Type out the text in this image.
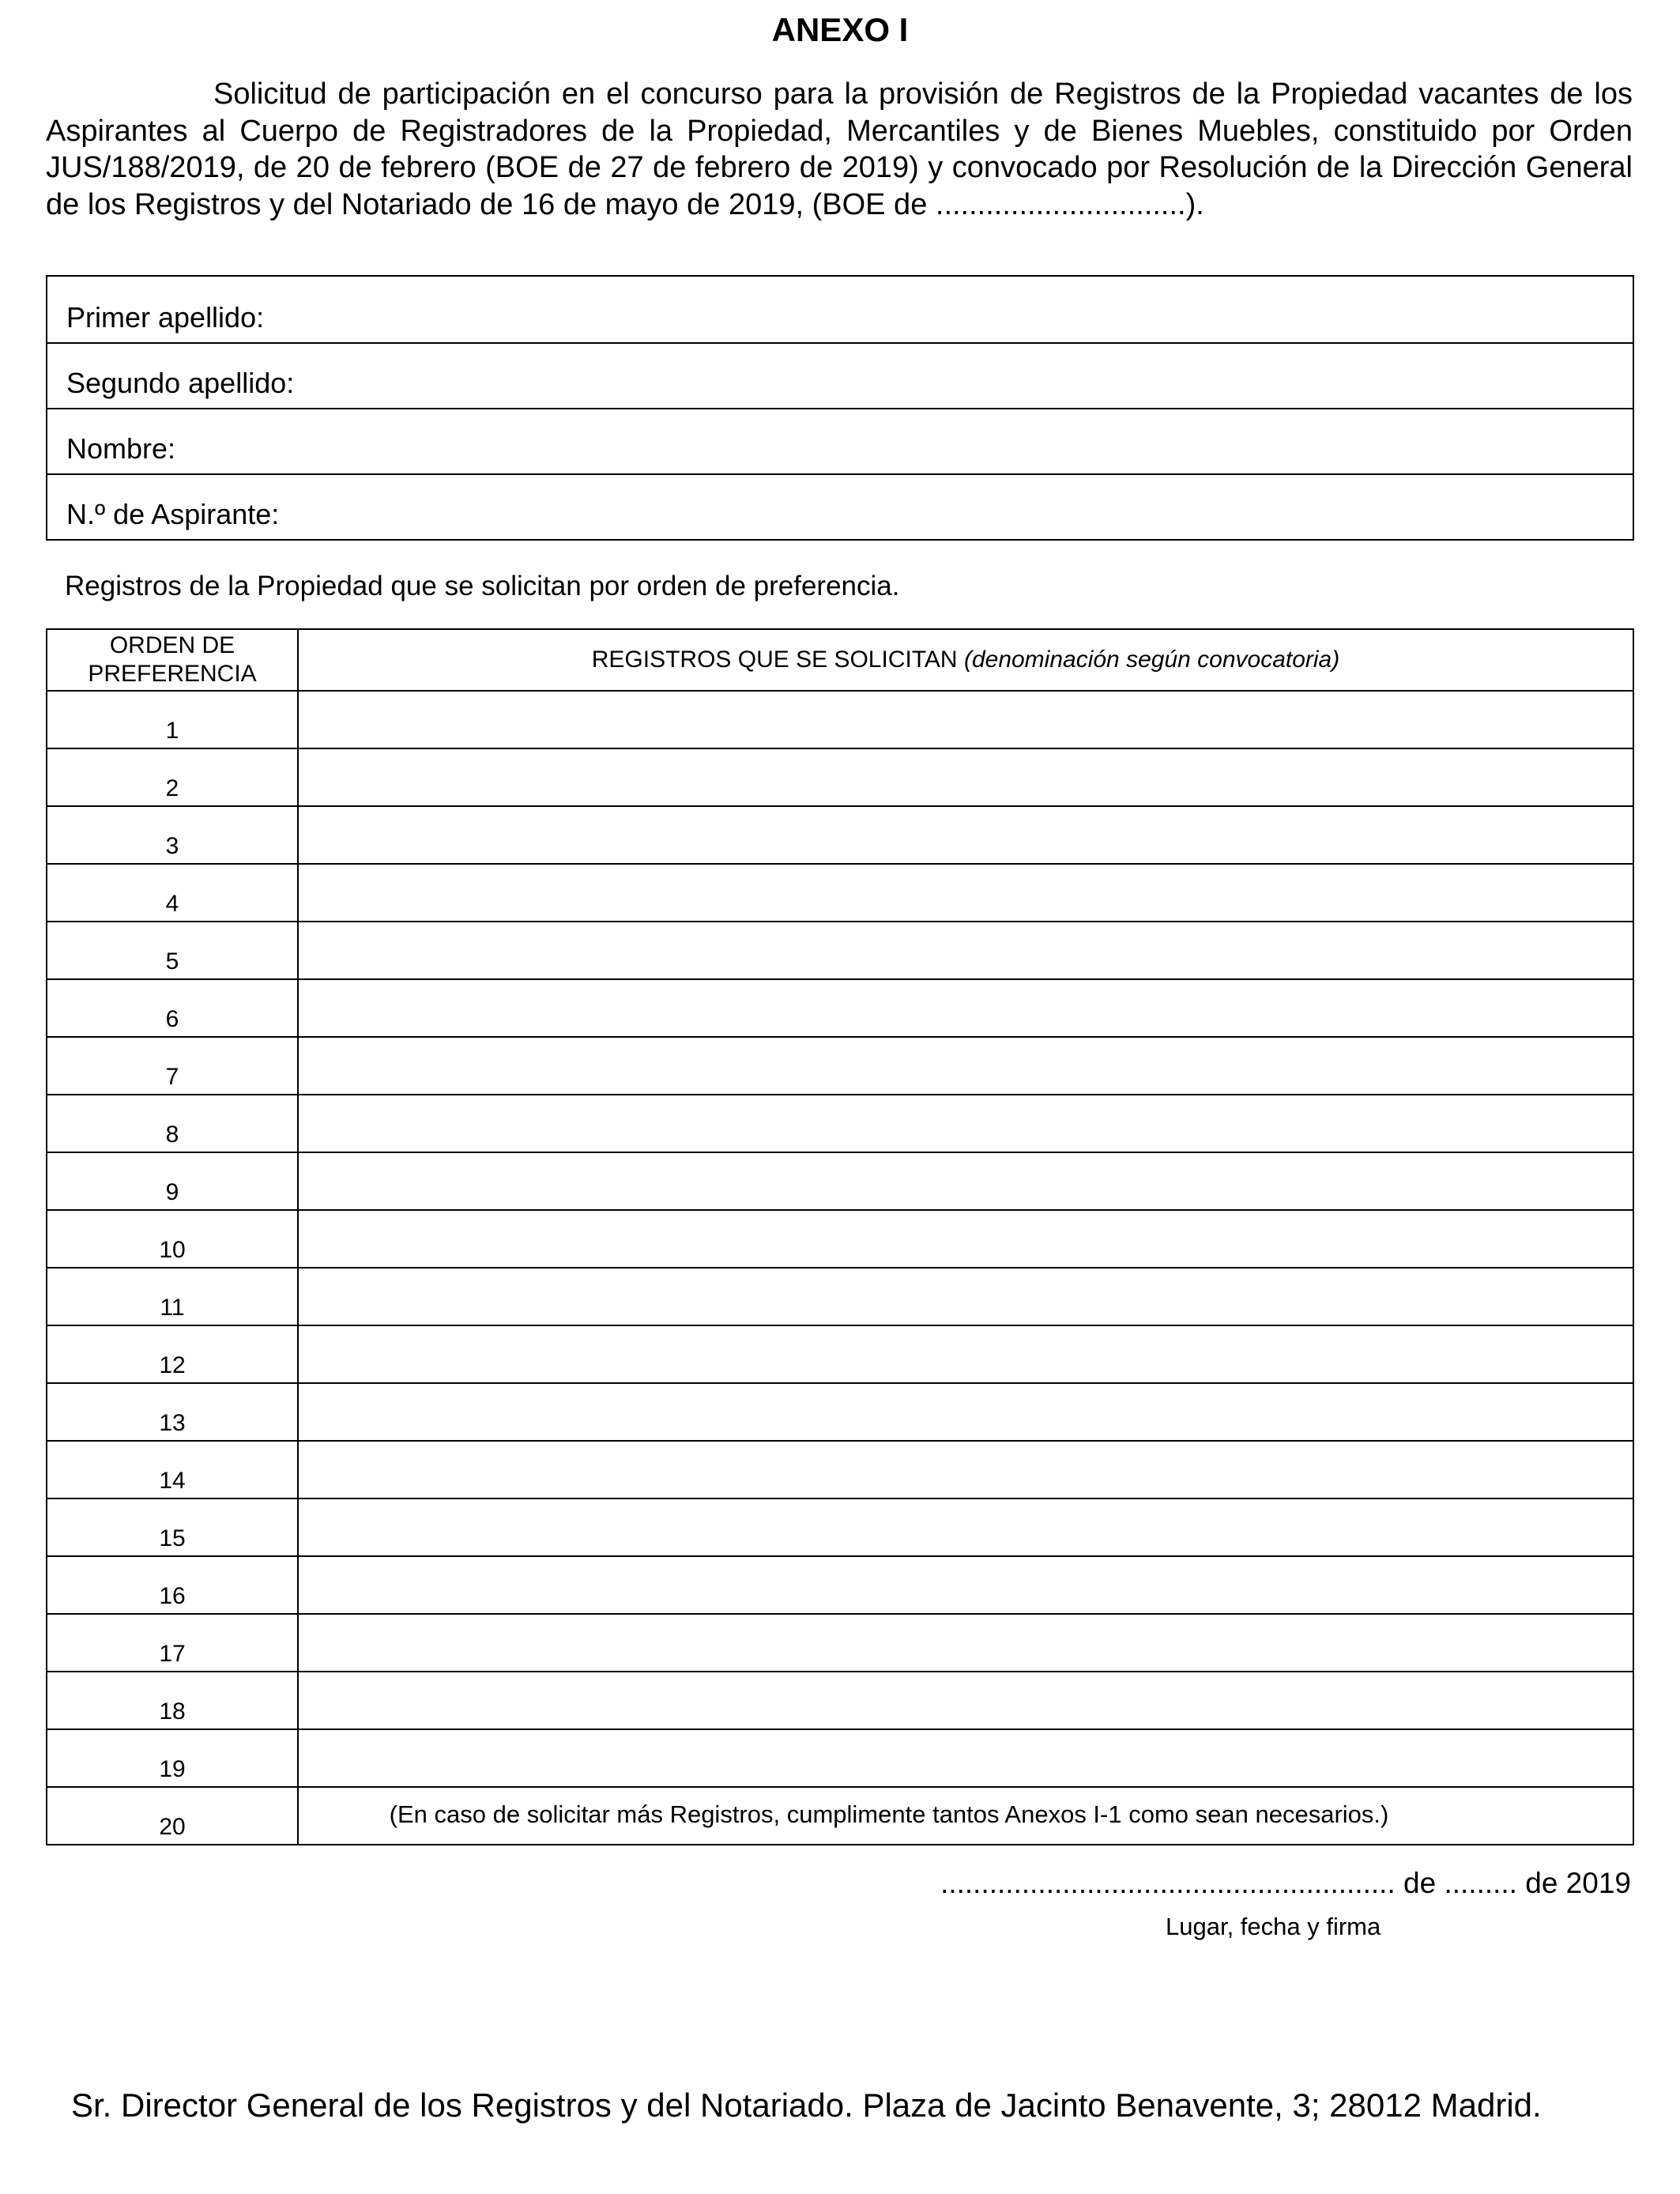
ANEXO I

Solicitud de participación en el concurso para la provisión de Registros de la Propiedad vacantes de los Aspirantes al Cuerpo de Registradores de la Propiedad, Mercantiles y de Bienes Muebles, constituido por Orden JUS/188/2019, de 20 de febrero (BOE de 27 de febrero de 2019) y convocado por Resolución de la Dirección General de los Registros y del Notariado de 16 de mayo de 2019, (BOE de ..............................).

Primer apellido:
Segundo apellido:
Nombre:
N.º de Aspirante:

Registros de la Propiedad que se solicitan por orden de preferencia.

ORDEN DE
PREFERENCIA	REGISTROS QUE SE SOLICITAN (denominación según convocatoria)
1	
2	
3	
4	
5	
6	
7	
8	
9	
10	
11	
12	
13	
14	
15	
16	
17	
18	
19	
20		(En caso de solicitar más Registros, cumplimente tantos Anexos I-1 como sean necesarios.)

........................................................ de ......... de 2019

Lugar, fecha y firma

Sr. Director General de los Registros y del Notariado. Plaza de Jacinto Benavente, 3; 28012 Madrid.
